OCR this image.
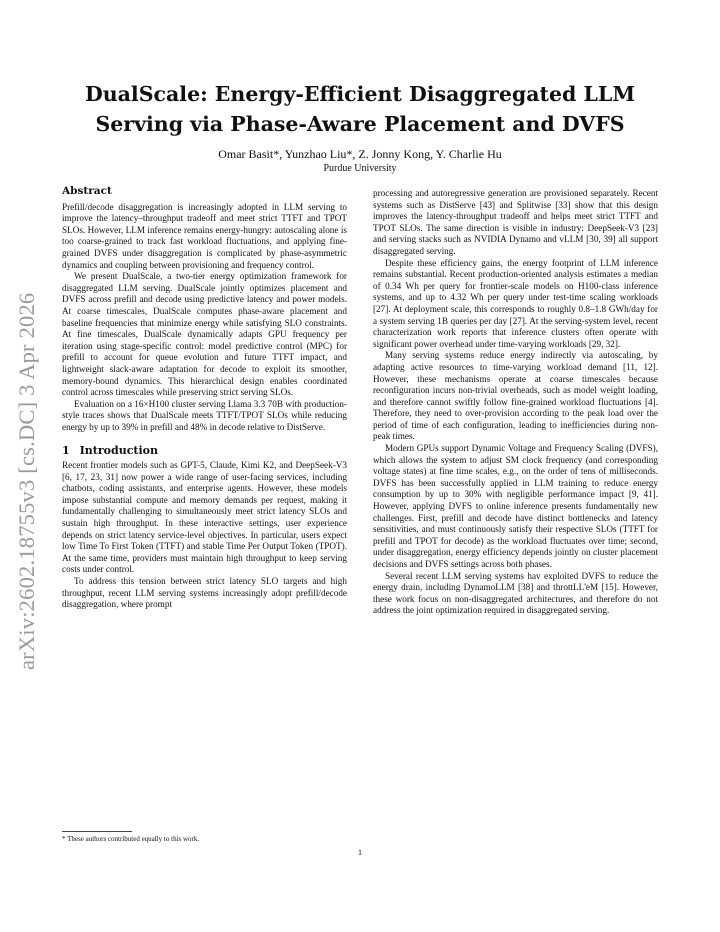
arXiv:2602.18755v3 [cs.DC] 3 Apr 2026
DualScale: Energy-Efficient Disaggregated LLM Serving via Phase-Aware Placement and DVFS
Omar Basit*, Yunzhao Liu*, Z. Jonny Kong, Y. Charlie Hu
Purdue University
Abstract

Prefill/decode disaggregation is increasingly adopted in LLM serving to improve the latency–throughput tradeoff and meet strict TTFT and TPOT SLOs. However, LLM inference remains energy-hungry: autoscaling alone is too coarse-grained to track fast workload fluctuations, and applying fine-grained DVFS under disaggregation is complicated by phase-asymmetric dynamics and coupling between provisioning and frequency control.

We present DualScale, a two-tier energy optimization framework for disaggregated LLM serving. DualScale jointly optimizes placement and DVFS across prefill and decode using predictive latency and power models. At coarse timescales, DualScale computes phase-aware placement and baseline frequencies that minimize energy while satisfying SLO constraints. At fine timescales, DualScale dynamically adapts GPU frequency per iteration using stage-specific control: model predictive control (MPC) for prefill to account for queue evolution and future TTFT impact, and lightweight slack-aware adaptation for decode to exploit its smoother, memory-bound dynamics. This hierarchical design enables coordinated control across timescales while preserving strict serving SLOs.

Evaluation on a 16×H100 cluster serving Llama 3.3 70B with production-style traces shows that DualScale meets TTFT/TPOT SLOs while reducing energy by up to 39% in prefill and 48% in decode relative to DistServe.

1 Introduction

Recent frontier models such as GPT-5, Claude, Kimi K2, and DeepSeek-V3 [6, 17, 23, 31] now power a wide range of user-facing services, including chatbots, coding assistants, and enterprise agents. However, these models impose substantial compute and memory demands per request, making it fundamentally challenging to simultaneously meet strict latency SLOs and sustain high throughput. In these interactive settings, user experience depends on strict latency service-level objectives. In particular, users expect low Time To First Token (TTFT) and stable Time Per Output Token (TPOT). At the same time, providers must maintain high throughput to keep serving costs under control.

To address this tension between strict latency SLO targets and high throughput, recent LLM serving systems increasingly adopt prefill/decode disaggregation, where prompt

processing and autoregressive generation are provisioned separately. Recent systems such as DistServe [43] and Splitwise [33] show that this design improves the latency-throughput tradeoff and helps meet strict TTFT and TPOT SLOs. The same direction is visible in industry: DeepSeek-V3 [23] and serving stacks such as NVIDIA Dynamo and vLLM [30, 39] all support disaggregated serving.

Despite these efficiency gains, the energy footprint of LLM inference remains substantial. Recent production-oriented analysis estimates a median of 0.34 Wh per query for frontier-scale models on H100-class inference systems, and up to 4.32 Wh per query under test-time scaling workloads [27]. At deployment scale, this corresponds to roughly 0.8–1.8 GWh/day for a system serving 1B queries per day [27]. At the serving-system level, recent characterization work reports that inference clusters often operate with significant power overhead under time-varying workloads [29, 32].

Many serving systems reduce energy indirectly via autoscaling, by adapting active resources to time-varying workload demand [11, 12]. However, these mechanisms operate at coarse timescales because reconfiguration incurs non-trivial overheads, such as model weight loading, and therefore cannot swiftly follow fine-grained workload fluctuations [4]. Therefore, they need to over-provision according to the peak load over the period of time of each configuration, leading to inefficiencies during non-peak times.

Modern GPUs support Dynamic Voltage and Frequency Scaling (DVFS), which allows the system to adjust SM clock frequency (and corresponding voltage states) at fine time scales, e.g., on the order of tens of milliseconds. DVFS has been successfully applied in LLM training to reduce energy consumption by up to 30% with negligible performance impact [9, 41]. However, applying DVFS to online inference presents fundamentally new challenges. First, prefill and decode have distinct bottlenecks and latency sensitivities, and must continuously satisfy their respective SLOs (TTFT for prefill and TPOT for decode) as the workload fluctuates over time; second, under disaggregation, energy efficiency depends jointly on cluster placement decisions and DVFS settings across both phases.

Several recent LLM serving systems hav exploited DVFS to reduce the energy drain, including DynamoLLM [38] and throttLL'eM [15]. However, these work focus on non-disaggregated architectures, and therefore do not address the joint optimization required in disaggregated serving.

* These authors contributed equally to this work.
1
